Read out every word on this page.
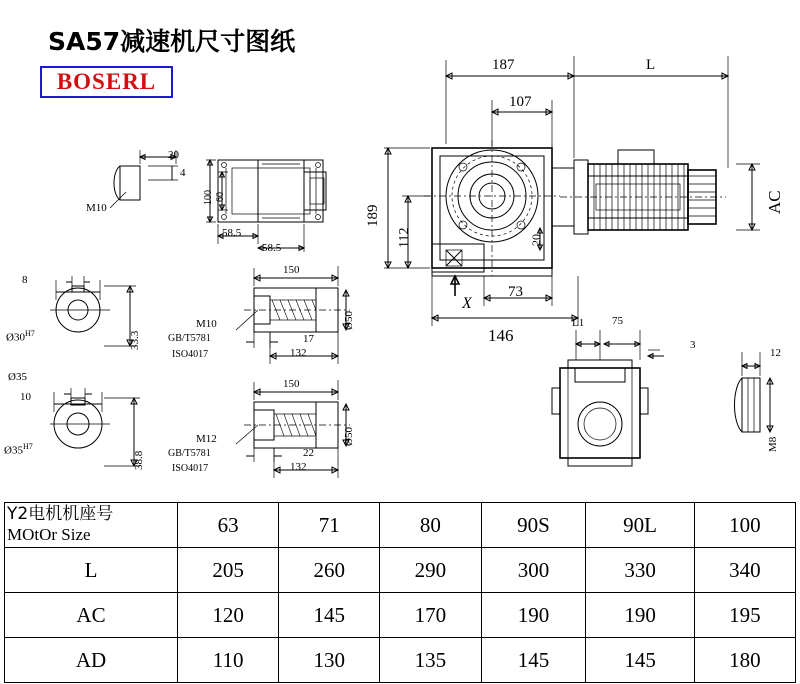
SA57减速机尺寸图纸
BOSERL
187	L
107
189
112
AC
20
73
146
X
20
4
M10
100 60
58.5
58.5
8
$Ø30^{H7}$	33.3
Ø35
10
$Ø35^{H7}$
38.8
150
M10
GB/T5781
ISO4017
17
132
Ø50
150
M12
GB/T5781
ISO4017
22
132
Ø50
L1	75
3
12
M8
Y2电机机座号
MOtOr Size	63	71	80	90S	90L	100
L	205	260	290	300	330	340
AC	120	145	170	190	190	195
AD	110	130	135	145	145	180
